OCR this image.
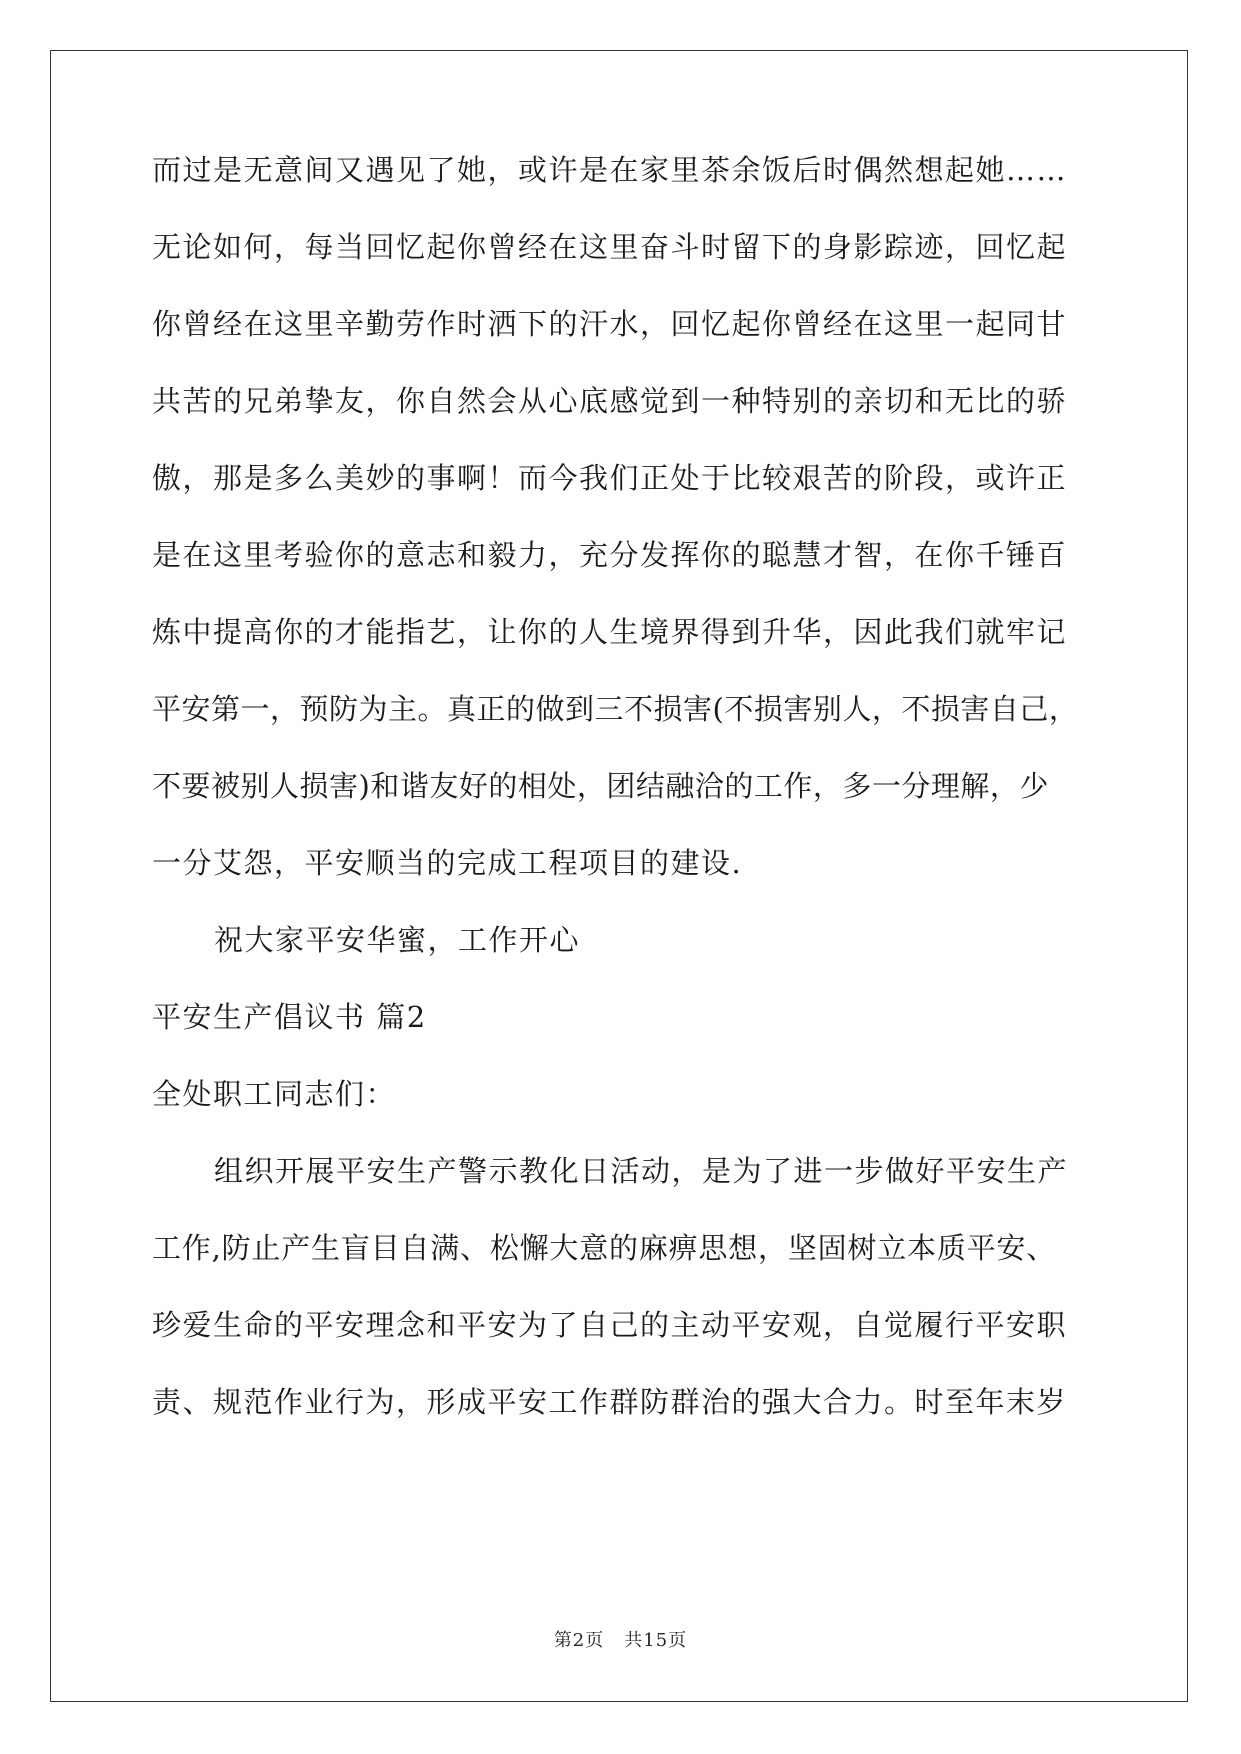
而过是无意间又遇见了她，或许是在家里茶余饭后时偶然想起她……
无论如何，每当回忆起你曾经在这里奋斗时留下的身影踪迹，回忆起
你曾经在这里辛勤劳作时洒下的汗水，回忆起你曾经在这里一起同甘
共苦的兄弟挚友，你自然会从心底感觉到一种特别的亲切和无比的骄
傲，那是多么美妙的事啊！而今我们正处于比较艰苦的阶段，或许正
是在这里考验你的意志和毅力，充分发挥你的聪慧才智，在你千锤百
炼中提高你的才能指艺，让你的人生境界得到升华，因此我们就牢记
平安第一，预防为主。真正的做到三不损害(不损害别人，不损害自己，
不要被别人损害)和谐友好的相处，团结融洽的工作，多一分理解，少
一分艾怨，平安顺当的完成工程项目的建设.
祝大家平安华蜜，工作开心
平安生产倡议书 篇2
全处职工同志们：
组织开展平安生产警示教化日活动，是为了进一步做好平安生产
工作,防止产生盲目自满、松懈大意的麻痹思想，坚固树立本质平安、
珍爱生命的平安理念和平安为了自己的主动平安观，自觉履行平安职
责、规范作业行为，形成平安工作群防群治的强大合力。时至年末岁
第2页 共15页
